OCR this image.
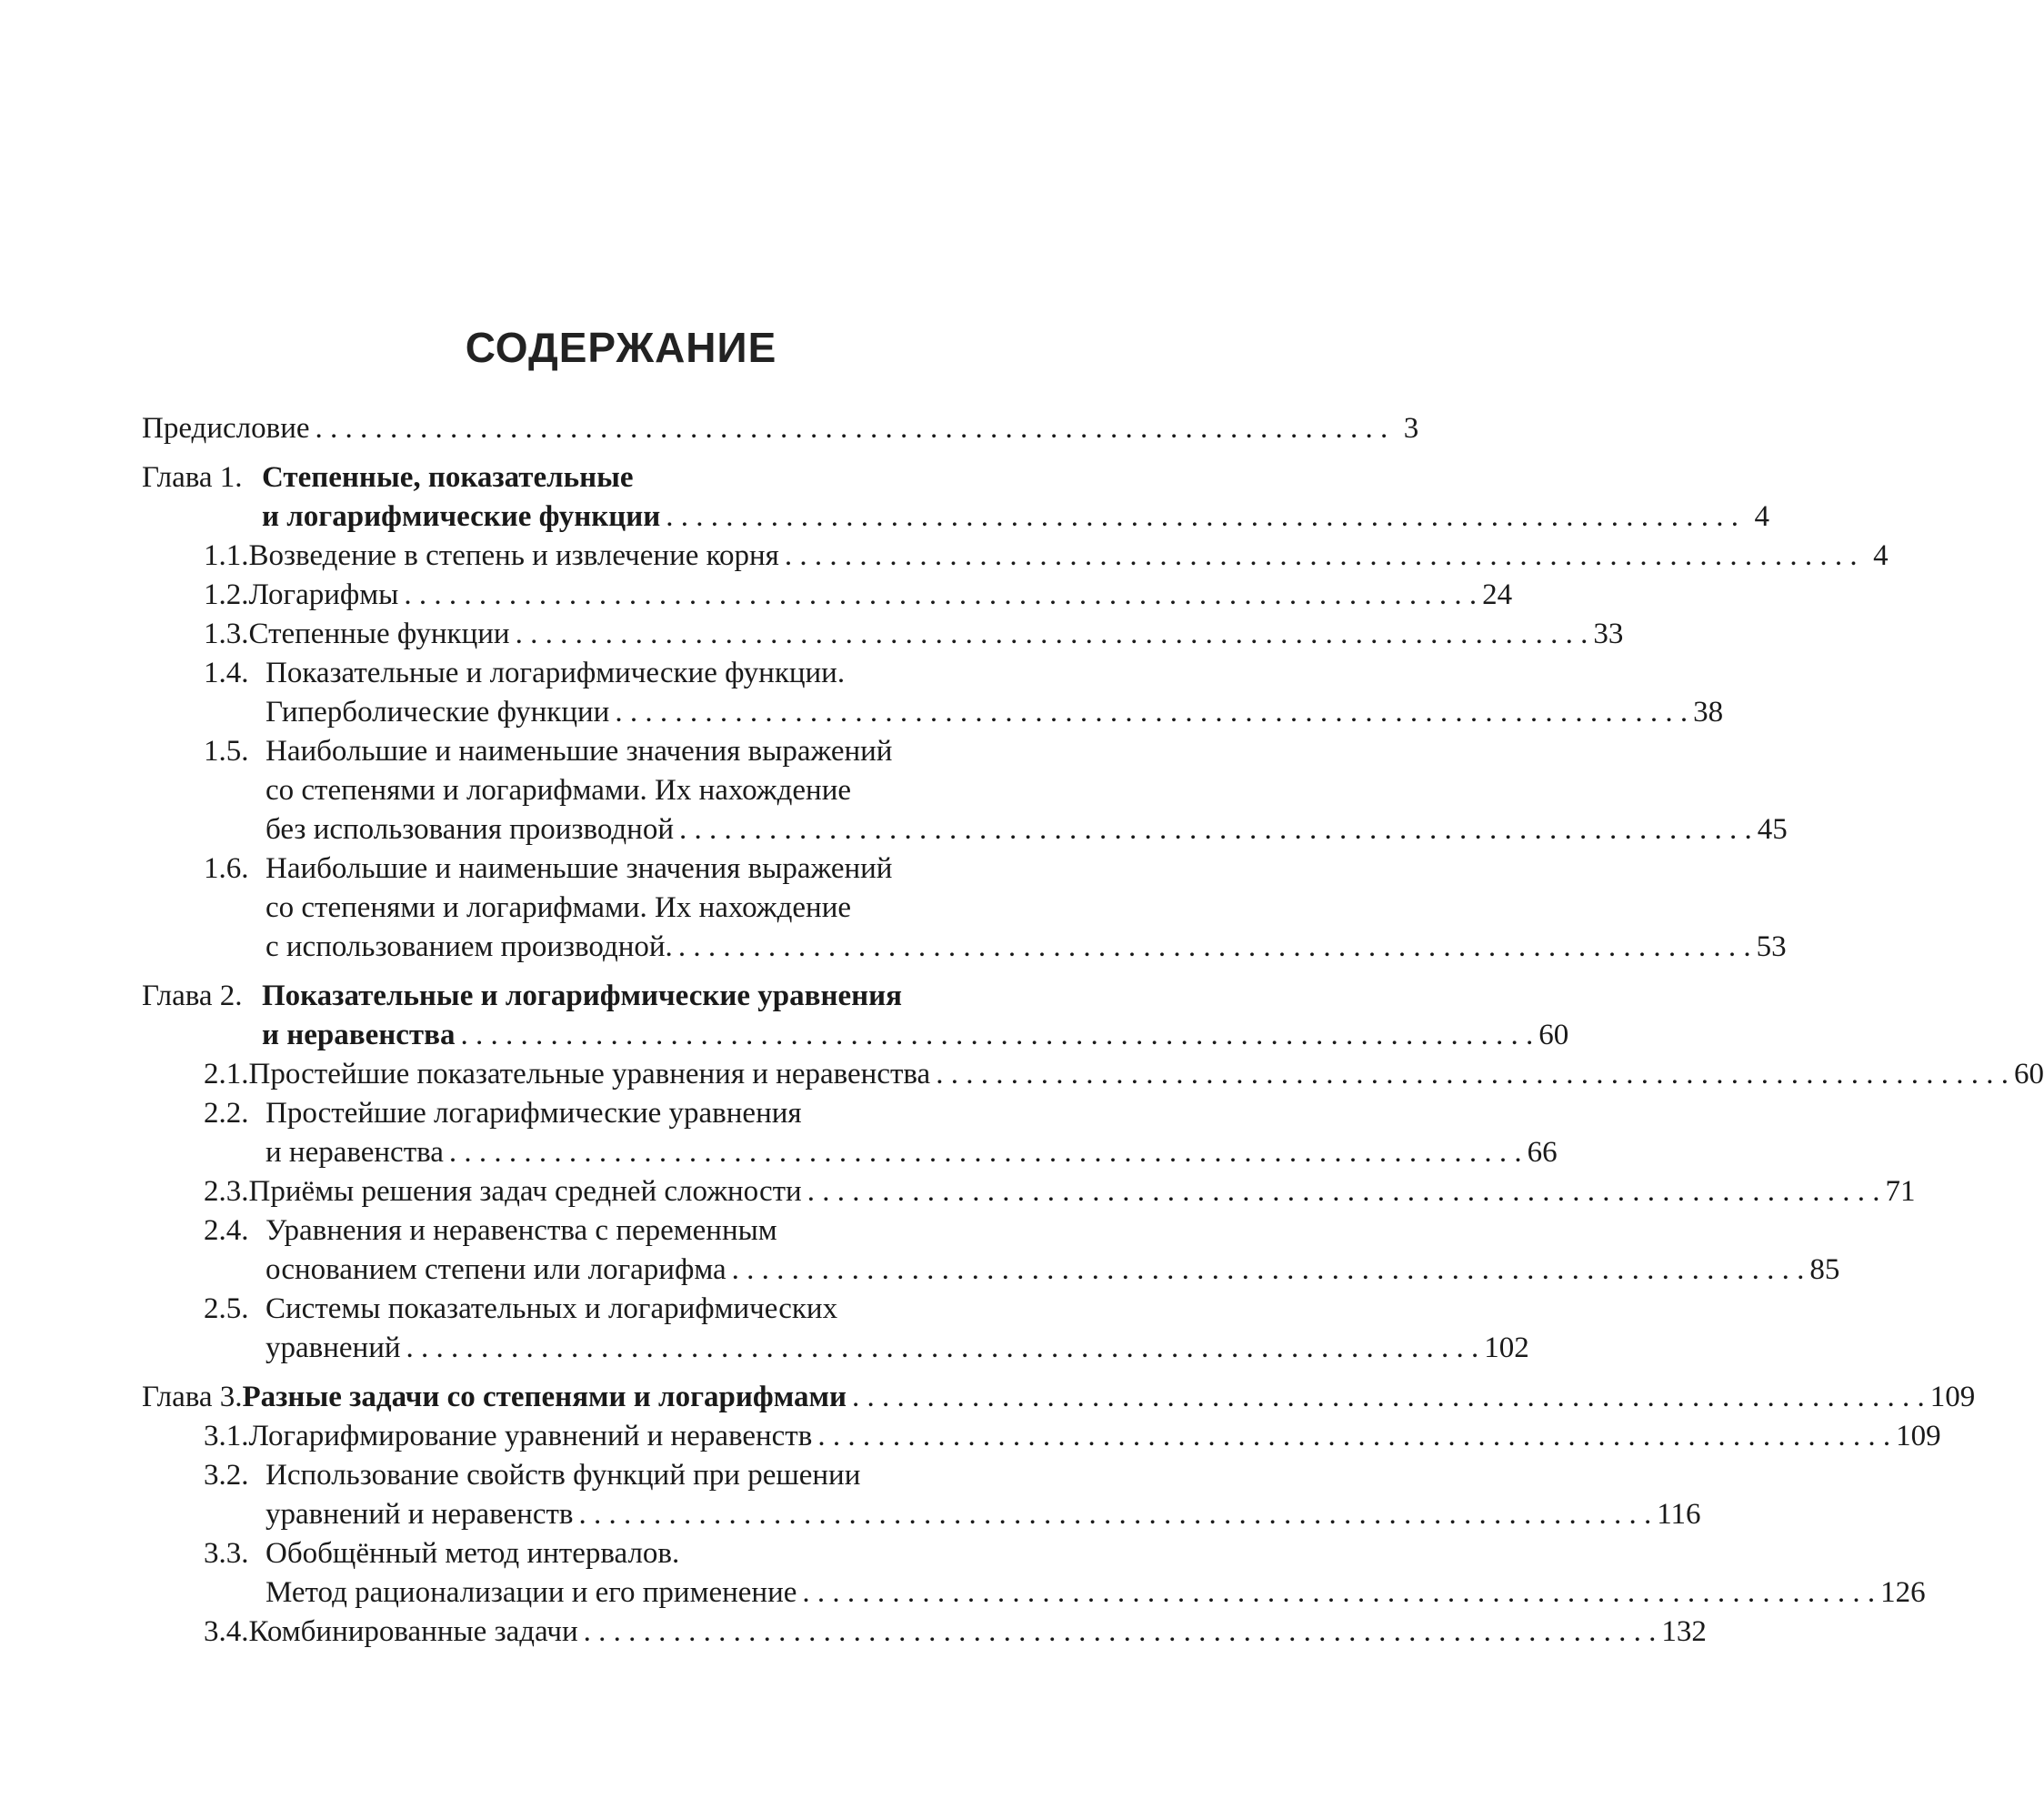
СОДЕРЖАНИЕ
Предисловие . . . . . . . . . . . . . . . . . . . . . . . . . . . . . . . . . . . . . . . . . . . . . . . . . . . . . . . . . . . . . . . . . . . . . . . . 3
Глава 1. Степенные, показательные
и логарифмические функции . . . . . . . . . . . . . . . . . . . . . . . . . . . . . . . . . . . . . . . . . . . . . . . . . . . . . . . . . . . . . . . . . . . . . . . . 4
1.1. Возведение в степень и извлечение корня . . . . . . . . . . . . . . . . . . . . . . . . . . . . . . . . . . . . . . . . . . . . . . . . . . . . . . . . . . . . . . . . . . . . . . . . 4
1.2. Логарифмы . . . . . . . . . . . . . . . . . . . . . . . . . . . . . . . . . . . . . . . . . . . . . . . . . . . . . . . . . . . . . . . . . . . . . . . . 24
1.3. Степенные функции . . . . . . . . . . . . . . . . . . . . . . . . . . . . . . . . . . . . . . . . . . . . . . . . . . . . . . . . . . . . . . . . . . . . . . . . 33
1.4. Показательные и логарифмические функции.
Гиперболические функции . . . . . . . . . . . . . . . . . . . . . . . . . . . . . . . . . . . . . . . . . . . . . . . . . . . . . . . . . . . . . . . . . . . . . . . . 38
1.5. Наибольшие и наименьшие значения выражений
со степенями и логарифмами. Их нахождение
без использования производной . . . . . . . . . . . . . . . . . . . . . . . . . . . . . . . . . . . . . . . . . . . . . . . . . . . . . . . . . . . . . . . . . . . . . . . . 45
1.6. Наибольшие и наименьшие значения выражений
со степенями и логарифмами. Их нахождение
с использованием производной. . . . . . . . . . . . . . . . . . . . . . . . . . . . . . . . . . . . . . . . . . . . . . . . . . . . . . . . . . . . . . . . . . . . . . . . . 53
Глава 2. Показательные и логарифмические уравнения
и неравенства . . . . . . . . . . . . . . . . . . . . . . . . . . . . . . . . . . . . . . . . . . . . . . . . . . . . . . . . . . . . . . . . . . . . . . . . 60
2.1. Простейшие показательные уравнения и неравенства . . . . . . . . . . . . . . . . . . . . . . . . . . . . . . . . . . . . . . . . . . . . . . . . . . . . . . . . . . . . . . . . . . . . . . . . 60
2.2. Простейшие логарифмические уравнения
и неравенства . . . . . . . . . . . . . . . . . . . . . . . . . . . . . . . . . . . . . . . . . . . . . . . . . . . . . . . . . . . . . . . . . . . . . . . . 66
2.3. Приёмы решения задач средней сложности . . . . . . . . . . . . . . . . . . . . . . . . . . . . . . . . . . . . . . . . . . . . . . . . . . . . . . . . . . . . . . . . . . . . . . . . 71
2.4. Уравнения и неравенства с переменным
основанием степени или логарифма . . . . . . . . . . . . . . . . . . . . . . . . . . . . . . . . . . . . . . . . . . . . . . . . . . . . . . . . . . . . . . . . . . . . . . . . 85
2.5. Системы показательных и логарифмических
уравнений . . . . . . . . . . . . . . . . . . . . . . . . . . . . . . . . . . . . . . . . . . . . . . . . . . . . . . . . . . . . . . . . . . . . . . . . 102
Глава 3. Разные задачи со степенями и логарифмами . . . . . . . . . . . . . . . . . . . . . . . . . . . . . . . . . . . . . . . . . . . . . . . . . . . . . . . . . . . . . . . . . . . . . . . . 109
3.1. Логарифмирование уравнений и неравенств . . . . . . . . . . . . . . . . . . . . . . . . . . . . . . . . . . . . . . . . . . . . . . . . . . . . . . . . . . . . . . . . . . . . . . . . 109
3.2. Использование свойств функций при решении
уравнений и неравенств . . . . . . . . . . . . . . . . . . . . . . . . . . . . . . . . . . . . . . . . . . . . . . . . . . . . . . . . . . . . . . . . . . . . . . . . 116
3.3. Обобщённый метод интервалов.
Метод рационализации и его применение . . . . . . . . . . . . . . . . . . . . . . . . . . . . . . . . . . . . . . . . . . . . . . . . . . . . . . . . . . . . . . . . . . . . . . . . 126
3.4. Комбинированные задачи . . . . . . . . . . . . . . . . . . . . . . . . . . . . . . . . . . . . . . . . . . . . . . . . . . . . . . . . . . . . . . . . . . . . . . . . 132
